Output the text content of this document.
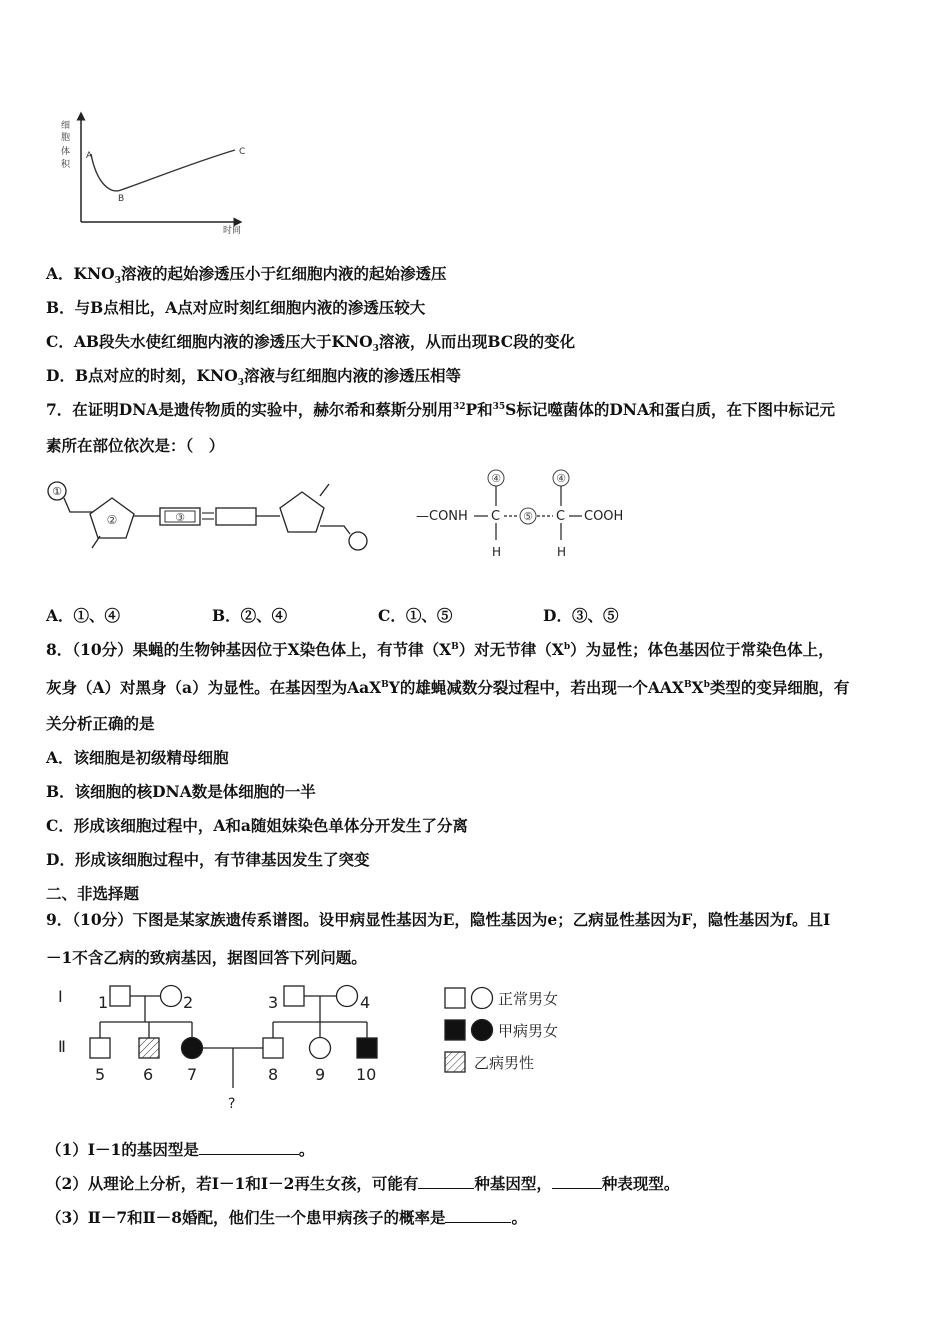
细
胞
体
积
A
B
C
时间
A．$KNO_3$溶液的起始渗透压小于红细胞内液的起始渗透压
B．与B点相比，A点对应时刻红细胞内液的渗透压较大
C．AB段失水使红细胞内液的渗透压大于$KNO_3$溶液，从而出现BC段的变化
D．B点对应的时刻，$KNO_3$溶液与红细胞内液的渗透压相等
7．在证明DNA是遗传物质的实验中，赫尔希和蔡斯分别用$^{32}$P和$^{35}$S标记噬菌体的DNA和蛋白质，在下图中标记元
素所在部位依次是：（　）
①
②	③	—CONH C
④
H
⑤ C
④
H
COOH
A．①、④	B．②、④	C．①、⑤	D．③、⑤
8．（10分）果蝇的生物钟基因位于X染色体上，有节律$(X^B)$对无节律$(X^b)$为显性；体色基因位于常染色体上，
灰身（A）对黑身（a）为显性。在基因型为AaX$^B$Y的雄蝇减数分裂过程中，若出现一个$AAX^BX^b$类型的变异细胞，有
关分析正确的是
A．该细胞是初级精母细胞
B．该细胞的核DNA数是体细胞的一半
C．形成该细胞过程中，A和a随姐妹染色单体分开发生了分离
D．形成该细胞过程中，有节律基因发生了突变
二、非选择题
9．（10分）下图是某家族遗传系谱图。设甲病显性基因为E，隐性基因为e；乙病显性基因为F，隐性基因为f。且Ⅰ
－1不含乙病的致病基因，据图回答下列问题。
Ⅰ
Ⅱ
1	2
5 6 7
?
3	4
8 9 10
正常男女
甲病男女
乙病男性
（1）Ⅰ－1的基因型是	。
（2）从理论上分析，若Ⅰ－1和Ⅰ－2再生女孩，可能有	种基因型，	种表现型。
（3）Ⅱ－7和Ⅱ－8婚配，他们生一个患甲病孩子的概率是	。
